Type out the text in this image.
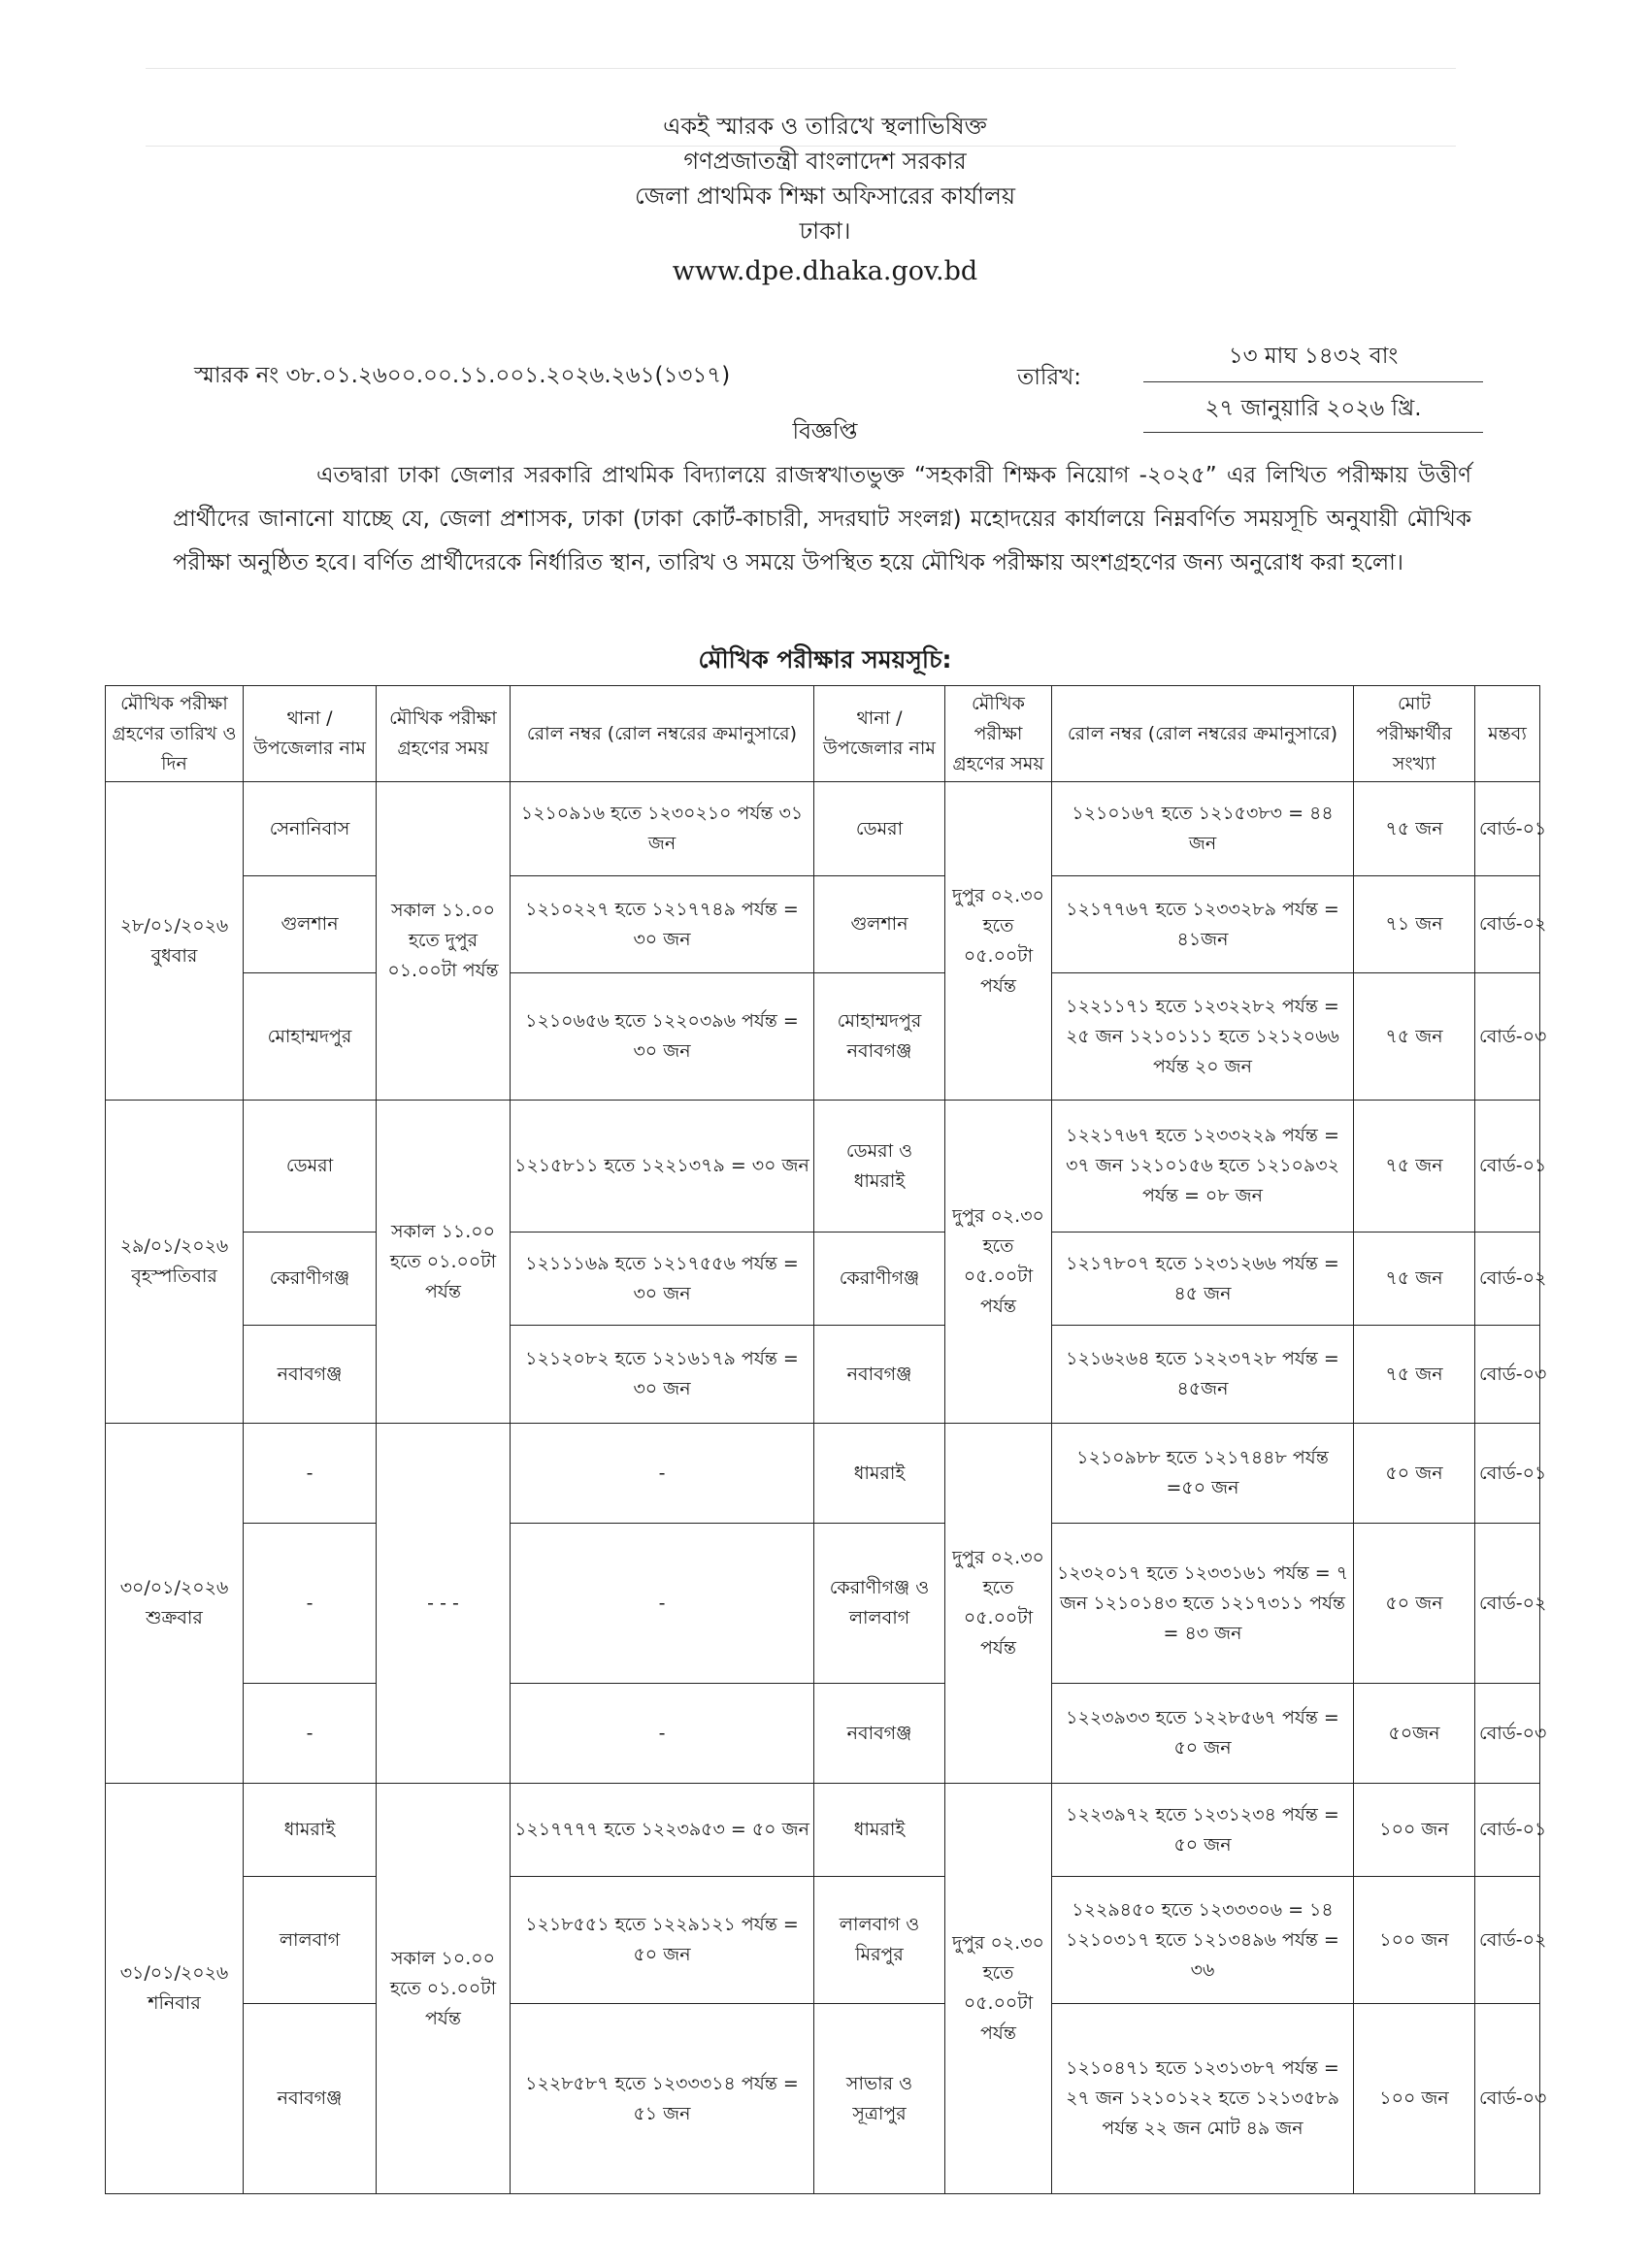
একই স্মারক ও তারিখে স্থলাভিষিক্ত
গণপ্রজাতন্ত্রী বাংলাদেশ সরকার
জেলা প্রাথমিক শিক্ষা অফিসারের কার্যালয়
ঢাকা।
www.dpe.dhaka.gov.bd
স্মারক নং ৩৮.০১.২৬০০.০০.১১.০০১.২০২৬.২৬১(১৩১৭)	তারিখ:
১৩ মাঘ ১৪৩২ বাং
২৭ জানুয়ারি ২০২৬ খ্রি.
বিজ্ঞপ্তি
এতদ্বারা ঢাকা জেলার সরকারি প্রাথমিক বিদ্যালয়ে রাজস্বখাতভুক্ত “সহকারী শিক্ষক নিয়োগ -২০২৫” এর লিখিত পরীক্ষায় উত্তীর্ণ প্রার্থীদের জানানো যাচ্ছে যে, জেলা প্রশাসক, ঢাকা (ঢাকা কোর্ট-কাচারী, সদরঘাট সংলগ্ন) মহোদয়ের কার্যালয়ে নিম্নবর্ণিত সময়সূচি অনুযায়ী মৌখিক পরীক্ষা অনুষ্ঠিত হবে। বর্ণিত প্রার্থীদেরকে নির্ধারিত স্থান, তারিখ ও সময়ে উপস্থিত হয়ে মৌখিক পরীক্ষায় অংশগ্রহণের জন্য অনুরোধ করা হলো।
মৌখিক পরীক্ষার সময়সূচি:
মৌখিক পরীক্ষা গ্রহণের তারিখ ও দিন	থানা /উপজেলার নাম	মৌখিক পরীক্ষা গ্রহণের সময়	রোল নম্বর (রোল নম্বরের ক্রমানুসারে)	থানা /উপজেলার নাম	মৌখিক পরীক্ষা গ্রহণের সময়	রোল নম্বর (রোল নম্বরের ক্রমানুসারে)	মোট পরীক্ষার্থীর সংখ্যা	মন্তব্য

২৮/০১/২০২৬
বুধবার	সেনানিবাস	সকাল ১১.০০ হতে দুপুর ০১.০০টা পর্যন্ত	১২১০৯১৬ হতে ১২৩০২১০ পর্যন্ত ৩১ জন	ডেমরা	দুপুর ০২.৩০ হতে ০৫.০০টা পর্যন্ত	১২১০১৬৭ হতে ১২১৫৩৮৩ = ৪৪ জন	৭৫ জন	বোর্ড-০১
	গুলশান		১২১০২২৭ হতে ১২১৭৭৪৯ পর্যন্ত = ৩০ জন	গুলশান		১২১৭৭৬৭ হতে ১২৩৩২৮৯ পর্যন্ত = ৪১জন	৭১ জন	বোর্ড-০২
	মোহাম্মদপুর		১২১০৬৫৬ হতে ১২২০৩৯৬ পর্যন্ত = ৩০ জন	মোহাম্মদপুর নবাবগঞ্জ		১২২১১৭১ হতে ১২৩২২৮২ পর্যন্ত = ২৫ জন ১২১০১১১ হতে ১২১২০৬৬ পর্যন্ত ২০ জন	৭৫ জন	বোর্ড-০৩

২৯/০১/২০২৬
বৃহস্পতিবার	ডেমরা	সকাল ১১.০০ হতে ০১.০০টা পর্যন্ত	১২১৫৮১১ হতে ১২২১৩৭৯ = ৩০ জন	ডেমরা ও ধামরাই	দুপুর ০২.৩০ হতে ০৫.০০টা পর্যন্ত	১২২১৭৬৭ হতে ১২৩৩২২৯ পর্যন্ত = ৩৭ জন ১২১০১৫৬ হতে ১২১০৯৩২ পর্যন্ত = ০৮ জন	৭৫ জন	বোর্ড-০১
	কেরাণীগঞ্জ		১২১১১৬৯ হতে ১২১৭৫৫৬ পর্যন্ত = ৩০ জন	কেরাণীগঞ্জ		১২১৭৮০৭ হতে ১২৩১২৬৬ পর্যন্ত = ৪৫ জন	৭৫ জন	বোর্ড-০২
	নবাবগঞ্জ		১২১২০৮২ হতে ১২১৬১৭৯ পর্যন্ত = ৩০ জন	নবাবগঞ্জ		১২১৬২৬৪ হতে ১২২৩৭২৮ পর্যন্ত = ৪৫জন	৭৫ জন	বোর্ড-০৩

৩০/০১/২০২৬
শুক্রবার	-	- - -	-	ধামরাই	দুপুর ০২.৩০ হতে ০৫.০০টা পর্যন্ত	১২১০৯৮৮ হতে ১২১৭৪৪৮ পর্যন্ত =৫০ জন	৫০ জন	বোর্ড-০১
	-		-	কেরাণীগঞ্জ ও লালবাগ		১২৩২০১৭ হতে ১২৩৩১৬১ পর্যন্ত = ৭ জন ১২১০১৪৩ হতে ১২১৭৩১১ পর্যন্ত = ৪৩ জন	৫০ জন	বোর্ড-০২
	-		-	নবাবগঞ্জ		১২২৩৯৩৩ হতে ১২২৮৫৬৭ পর্যন্ত = ৫০ জন	৫০জন	বোর্ড-০৩

৩১/০১/২০২৬
শনিবার	ধামরাই	সকাল ১০.০০ হতে ০১.০০টা পর্যন্ত	১২১৭৭৭৭ হতে ১২২৩৯৫৩ = ৫০ জন	ধামরাই	দুপুর ০২.৩০ হতে ০৫.০০টা পর্যন্ত	১২২৩৯৭২ হতে ১২৩১২৩৪ পর্যন্ত = ৫০ জন	১০০ জন	বোর্ড-০১
	লালবাগ		১২১৮৫৫১ হতে ১২২৯১২১ পর্যন্ত = ৫০ জন	লালবাগ ও মিরপুর		১২২৯৪৫০ হতে ১২৩৩৩০৬ = ১৪ ১২১০৩১৭ হতে ১২১৩৪৯৬ পর্যন্ত = ৩৬	১০০ জন	বোর্ড-০২
	নবাবগঞ্জ		১২২৮৫৮৭ হতে ১২৩৩৩১৪ পর্যন্ত = ৫১ জন	সাভার ও সূত্রাপুর		১২১০৪৭১ হতে ১২৩১৩৮৭ পর্যন্ত = ২৭ জন ১২১০১২২ হতে ১২১৩৫৮৯ পর্যন্ত ২২ জন মোট ৪৯ জন	১০০ জন	বোর্ড-০৩
